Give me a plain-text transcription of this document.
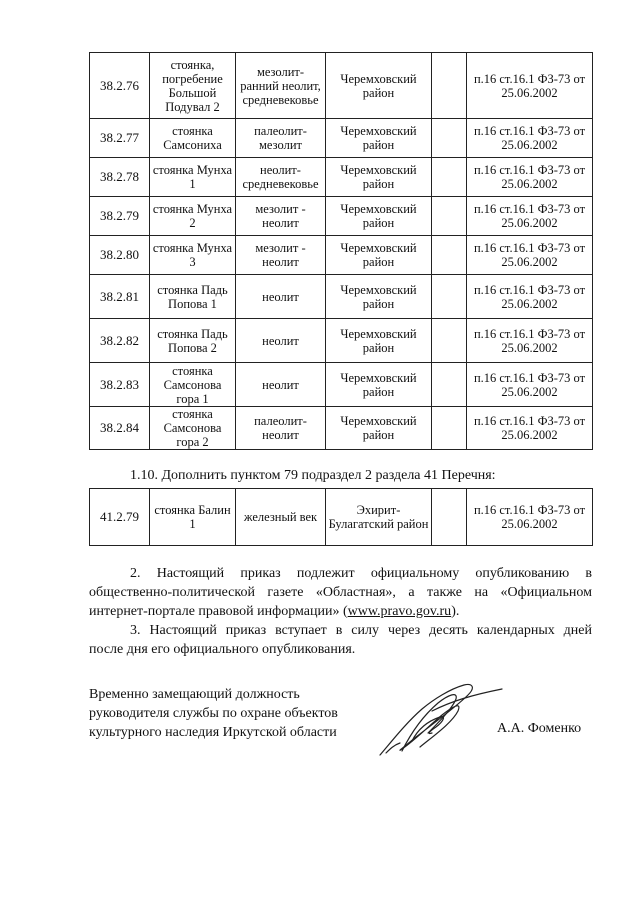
38.2.76	стоянка, погребение Большой Подувал 2	мезолит-ранний неолит, средневековье	Черемховский район		п.16 ст.16.1 ФЗ-73 от 25.06.2002
38.2.77	стоянка Самсониха	палеолит-мезолит	Черемховский район		п.16 ст.16.1 ФЗ-73 от 25.06.2002
38.2.78	стоянка Мунха 1	неолит-средневековье	Черемховский район		п.16 ст.16.1 ФЗ-73 от 25.06.2002
38.2.79	стоянка Мунха 2	мезолит - неолит	Черемховский район		п.16 ст.16.1 ФЗ-73 от 25.06.2002
38.2.80	стоянка Мунха 3	мезолит - неолит	Черемховский район		п.16 ст.16.1 ФЗ-73 от 25.06.2002
38.2.81	стоянка Падь Попова 1	неолит	Черемховский район		п.16 ст.16.1 ФЗ-73 от 25.06.2002
38.2.82	стоянка Падь Попова 2	неолит	Черемховский район		п.16 ст.16.1 ФЗ-73 от 25.06.2002
38.2.83	стоянка Самсонова гора 1	неолит	Черемховский район		п.16 ст.16.1 ФЗ-73 от 25.06.2002
38.2.84	стоянка Самсонова гора 2	палеолит-неолит	Черемховский район		п.16 ст.16.1 ФЗ-73 от 25.06.2002
1.10. Дополнить пунктом 79 подраздел 2 раздела 41 Перечня:
41.2.79	стоянка Балин 1	железный век	Эхирит-Булагатский район		п.16 ст.16.1 ФЗ-73 от 25.06.2002
2. Настоящий приказ подлежит официальному опубликованию в
общественно-политической газете «Областная», а также на «Официальном
интернет-портале правовой информации» (www.pravo.gov.ru).
3. Настоящий приказ вступает в силу через десять календарных дней
после дня его официального опубликования.
Временно замещающий должность
руководителя службы по охране объектов
культурного наследия Иркутской области	А.А. Фоменко
